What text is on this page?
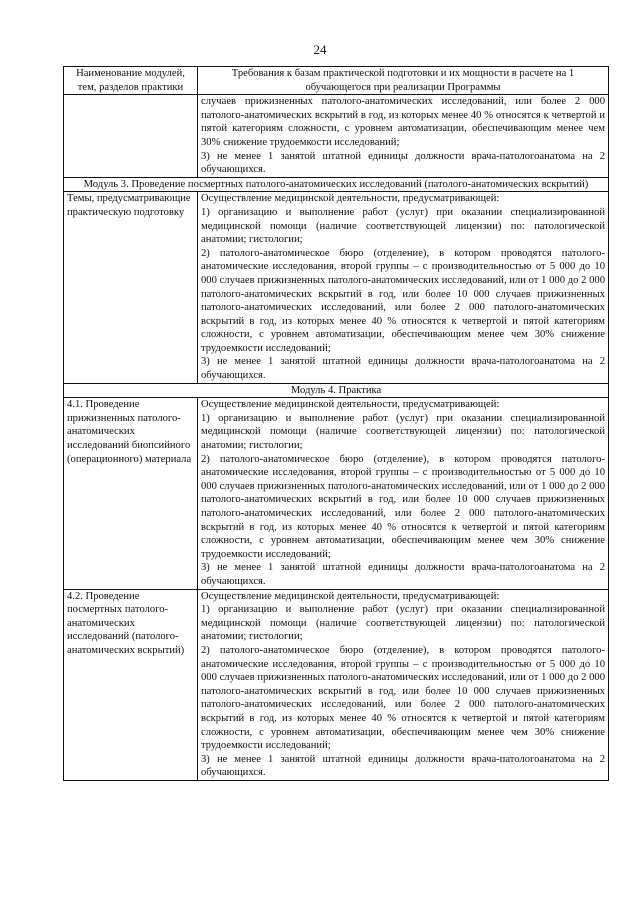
24
Наименование модулей, тем, разделов практики	Требования к базам практической подготовки и их мощности в расчете на 1 обучающегося при реализации Программы

	случаев прижизненных патолого-анатомических исследований, или более 2 000 патолого-анатомических вскрытий в год, из которых менее 40 % относятся к четвертой и пятой категориям сложности, с уровнем автоматизации, обеспечивающим менее чем 30% снижение трудоемкости исследований;
3) не менее 1 занятой штатной единицы должности врача-патологоанатома на 2 обучающихся.

Модуль 3. Проведение посмертных патолого-анатомических исследований (патолого-анатомических вскрытий)	
Темы, предусматривающие практическую подготовку	Осуществление медицинской деятельности, предусматривающей:
1) организацию и выполнение работ (услуг) при оказании специализированной медицинской помощи (наличие соответствующей лицензии) по: патологической анатомии; гистологии;
2) патолого-анатомическое бюро (отделение), в котором проводятся патолого-анатомические исследования, второй группы – с производительностью от 5 000 до 10 000 случаев прижизненных патолого-анатомических исследований, или от 1 000 до 2 000 патолого-анатомических вскрытий в год, или более 10 000 случаев прижизненных патолого-анатомических исследований, или более 2 000 патолого-анатомических вскрытий в год, из которых менее 40 % относятся к четвертой и пятой категориям сложности, с уровнем автоматизации, обеспечивающим менее чем 30% снижение трудоемкости исследований;
3) не менее 1 занятой штатной единицы должности врача-патологоанатома на 2 обучающихся.

Модуль 4. Практика	
4.1. Проведение прижизненных патолого-анатомических исследований биопсийного (операционного) материала	Осуществление медицинской деятельности, предусматривающей:
1) организацию и выполнение работ (услуг) при оказании специализированной медицинской помощи (наличие соответствующей лицензии) по: патологической анатомии; гистологии;
2) патолого-анатомическое бюро (отделение), в котором проводятся патолого-анатомические исследования, второй группы – с производительностью от 5 000 до 10 000 случаев прижизненных патолого-анатомических исследований, или от 1 000 до 2 000 патолого-анатомических вскрытий в год, или более 10 000 случаев прижизненных патолого-анатомических исследований, или более 2 000 патолого-анатомических вскрытий в год, из которых менее 40 % относятся к четвертой и пятой категориям сложности, с уровнем автоматизации, обеспечивающим менее чем 30% снижение трудоемкости исследований;
3) не менее 1 занятой штатной единицы должности врача-патологоанатома на 2 обучающихся.

4.2. Проведение посмертных патолого-анатомических исследований (патолого-анатомических вскрытий)	Осуществление медицинской деятельности, предусматривающей:
1) организацию и выполнение работ (услуг) при оказании специализированной медицинской помощи (наличие соответствующей лицензии) по: патологической анатомии; гистологии;
2) патолого-анатомическое бюро (отделение), в котором проводятся патолого-анатомические исследования, второй группы – с производительностью от 5 000 до 10 000 случаев прижизненных патолого-анатомических исследований, или от 1 000 до 2 000 патолого-анатомических вскрытий в год, или более 10 000 случаев прижизненных патолого-анатомических исследований, или более 2 000 патолого-анатомических вскрытий в год, из которых менее 40 % относятся к четвертой и пятой категориям сложности, с уровнем автоматизации, обеспечивающим менее чем 30% снижение трудоемкости исследований;
3) не менее 1 занятой штатной единицы должности врача-патологоанатома на 2 обучающихся.
